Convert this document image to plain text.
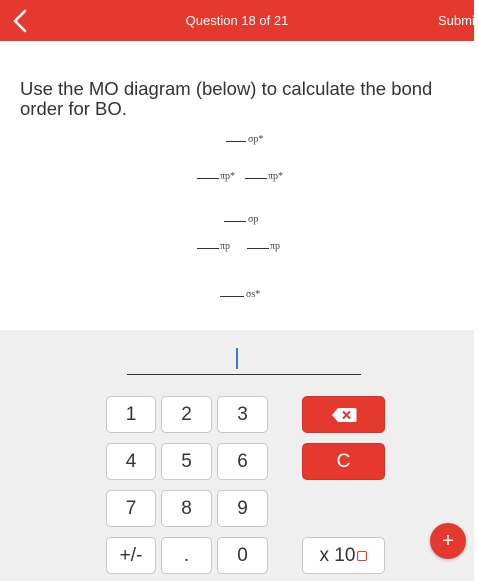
Question 18 of 21	Submit
Use the MO diagram (below) to calculate the bond order for BO.
σp*
πp*	πp*
σp
πp	πp
σs*
1	2	3
4	5	6	C
7	8	9
+/-	.	0	x 10
+
